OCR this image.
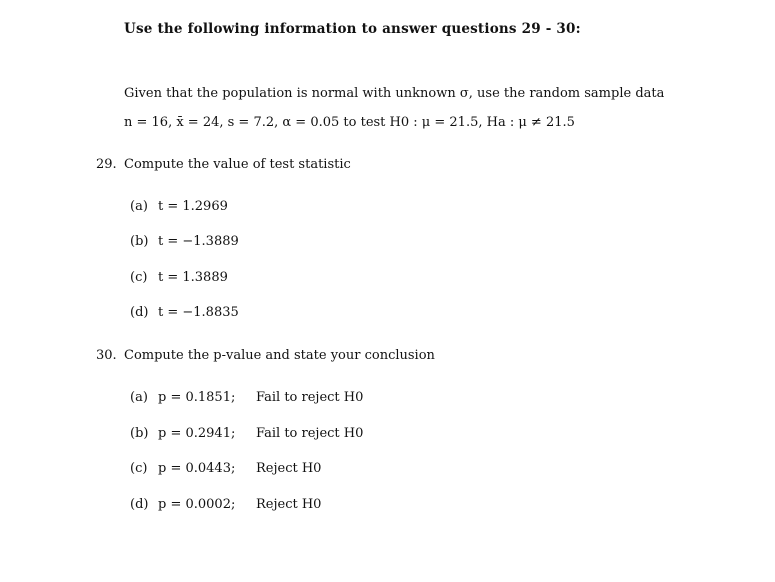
Use the following information to answer questions 29 - 30:
Given that the population is normal with unknown σ, use the random sample data
n = 16, x̄ = 24, s = 7.2, α = 0.05 to test H0 : μ = 21.5, Ha : μ ≠ 21.5
29. Compute the value of test statistic
(a) t = 1.2969
(b) t = −1.3889
(c) t = 1.3889
(d) t = −1.8835
30. Compute the p-value and state your conclusion
(a) p = 0.1851; Fail to reject H0
(b) p = 0.2941; Fail to reject H0
(c) p = 0.0443; Reject H0
(d) p = 0.0002; Reject H0
